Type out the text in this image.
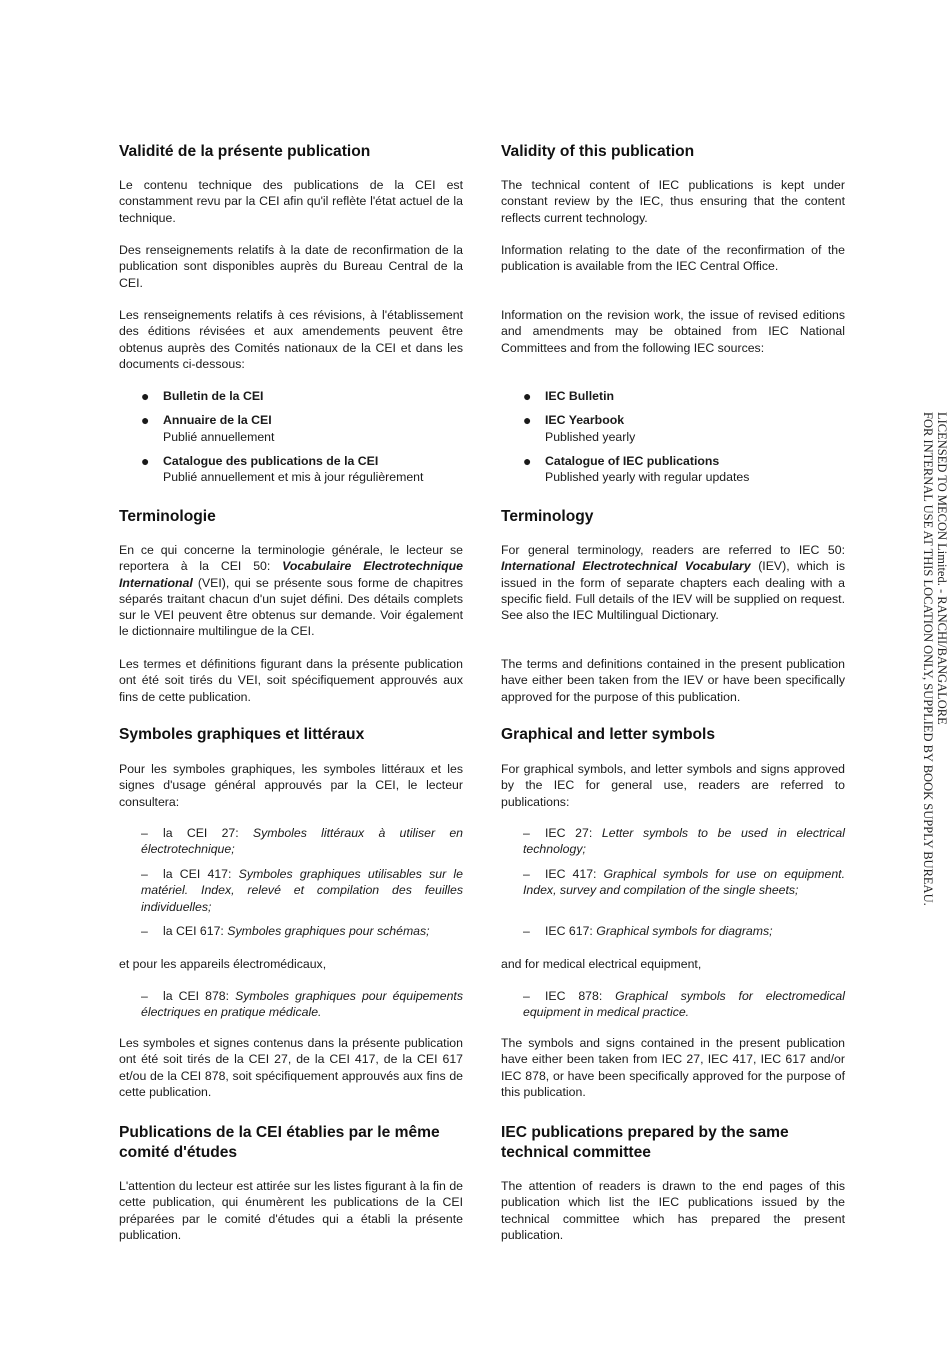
Validité de la présente publication

Le contenu technique des publications de la CEI est constamment revu par la CEI afin qu'il reflète l'état actuel de la technique.

Des renseignements relatifs à la date de reconfirmation de la publication sont disponibles auprès du Bureau Central de la CEI.

Les renseignements relatifs à ces révisions, à l'établissement des éditions révisées et aux amendements peuvent être obtenus auprès des Comités nationaux de la CEI et dans les documents ci-dessous:

●	Bulletin de la CEI
●	Annuaire de la CEI
Publié annuellement
●	Catalogue des publications de la CEI
Publié annuellement et mis à jour régulièrement
Terminologie

En ce qui concerne la terminologie générale, le lecteur se reportera à la CEI 50: Vocabulaire Electrotechnique International (VEI), qui se présente sous forme de chapitres séparés traitant chacun d'un sujet défini. Des détails complets sur le VEI peuvent être obtenus sur demande. Voir également le dictionnaire multilingue de la CEI.

Les termes et définitions figurant dans la présente publication ont été soit tirés du VEI, soit spécifiquement approuvés aux fins de cette publication.

Symboles graphiques et littéraux

Pour les symboles graphiques, les symboles littéraux et les signes d'usage général approuvés par la CEI, le lecteur consultera:

– la CEI 27: Symboles littéraux à utiliser en électrotechnique;

– la CEI 417: Symboles graphiques utilisables sur le matériel. Index, relevé et compilation des feuilles individuelles;

– la CEI 617: Symboles graphiques pour schémas;

et pour les appareils électromédicaux,

– la CEI 878: Symboles graphiques pour équipements électriques en pratique médicale.

Les symboles et signes contenus dans la présente publication ont été soit tirés de la CEI 27, de la CEI 417, de la CEI 617 et/ou de la CEI 878, soit spécifiquement approuvés aux fins de cette publication.

Publications de la CEI établies par le même comité d'études

L'attention du lecteur est attirée sur les listes figurant à la fin de cette publication, qui énumèrent les publications de la CEI préparées par le comité d'études qui a établi la présente publication.

Validity of this publication

The technical content of IEC publications is kept under constant review by the IEC, thus ensuring that the content reflects current technology.

Information relating to the date of the reconfirmation of the publication is available from the IEC Central Office.

Information on the revision work, the issue of revised editions and amendments may be obtained from IEC National Committees and from the following IEC sources:

●	IEC Bulletin
●	IEC Yearbook
Published yearly
●	Catalogue of IEC publications
Published yearly with regular updates
Terminology

For general terminology, readers are referred to IEC 50: International Electrotechnical Vocabulary (IEV), which is issued in the form of separate chapters each dealing with a specific field. Full details of the IEV will be supplied on request. See also the IEC Multilingual Dictionary.

The terms and definitions contained in the present publication have either been taken from the IEV or have been specifically approved for the purpose of this publication.

Graphical and letter symbols

For graphical symbols, and letter symbols and signs approved by the IEC for general use, readers are referred to publications:

– IEC 27: Letter symbols to be used in electrical technology;

– IEC 417: Graphical symbols for use on equipment. Index, survey and compilation of the single sheets;

– IEC 617: Graphical symbols for diagrams;

and for medical electrical equipment,

– IEC 878: Graphical symbols for electromedical equipment in medical practice.

The symbols and signs contained in the present publication have either been taken from IEC 27, IEC 417, IEC 617 and/or IEC 878, or have been specifically approved for the purpose of this publication.

IEC publications prepared by the same technical committee

The attention of readers is drawn to the end pages of this publication which list the IEC publications issued by the technical committee which has prepared the present publication.

LICENSED TO MECON Limited. - RANCHI/BANGALORE
FOR INTERNAL USE AT THIS LOCATION ONLY, SUPPLIED BY BOOK SUPPLY BUREAU.
